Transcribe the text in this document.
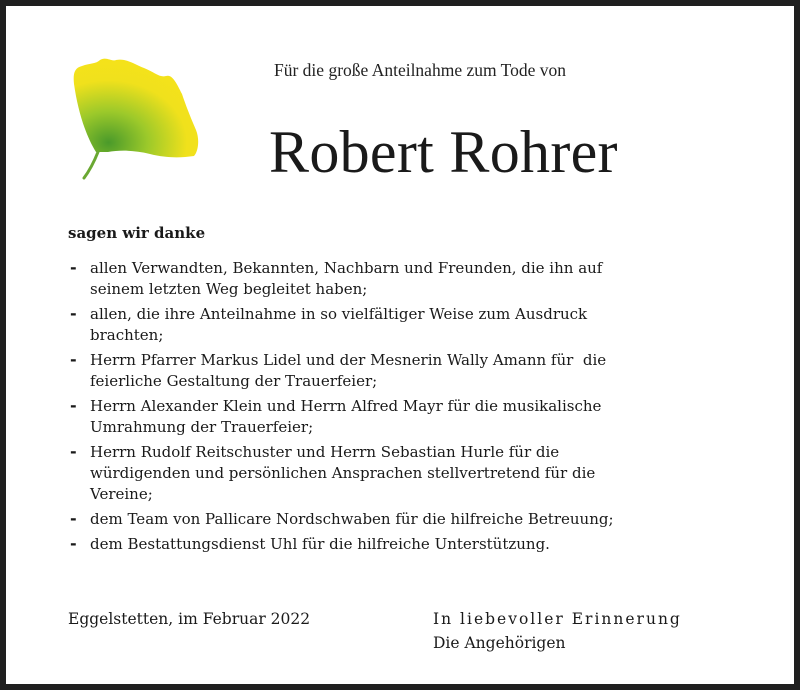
Für die große Anteilnahme zum Tode von
Robert Rohrer
sagen wir danke
- allen Verwandten, Bekannten, Nachbarn und Freunden, die ihn auf
seinem letzten Weg begleitet haben;
- allen, die ihre Anteilnahme in so vielfältiger Weise zum Ausdruck
brachten;
- Herrn Pfarrer Markus Lidel und der Mesnerin Wally Amann für  die
feierliche Gestaltung der Trauerfeier;
- Herrn Alexander Klein und Herrn Alfred Mayr für die musikalische
Umrahmung der Trauerfeier;
- Herrn Rudolf Reitschuster und Herrn Sebastian Hurle für die
würdigenden und persönlichen Ansprachen stellvertretend für die
Vereine;
- dem Team von Pallicare Nordschwaben für die hilfreiche Betreuung;
- dem Bestattungsdienst Uhl für die hilfreiche Unterstützung.
Eggelstetten, im Februar 2022	In liebevoller Erinnerung
Die Angehörigen
